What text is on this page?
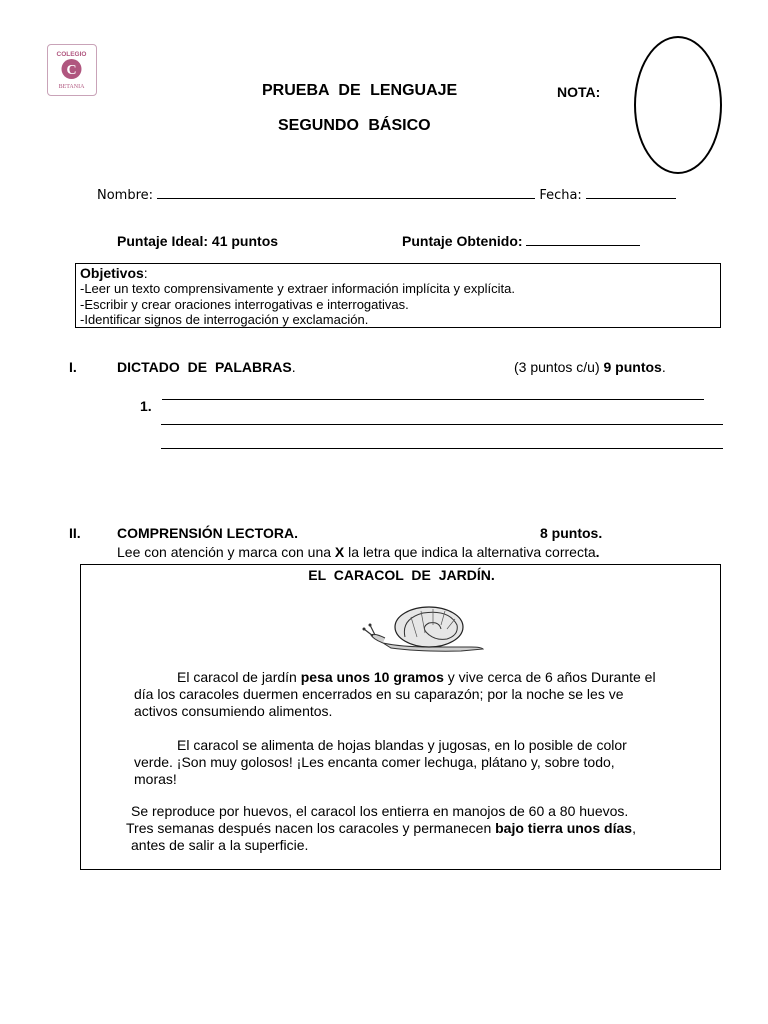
COLEGIO
C
BETANIA	PRUEBA DE LENGUAJE	NOTA:
SEGUNDO BÁSICO
Nombre:	Fecha:
Puntaje Ideal: 41 puntos	Puntaje Obtenido:
Objetivos:
-Leer un texto comprensivamente y extraer información implícita y explícita.
-Escribir y crear oraciones interrogativas e interrogativas.
-Identificar signos de interrogación y exclamación.
I.	DICTADO DE PALABRAS.	(3 puntos c/u) 9 puntos.
1.
II.	COMPRENSIÓN LECTORA.	8 puntos.
Lee con atención y marca con una X la letra que indica la alternativa correcta.
EL CARACOL DE JARDÍN.
El caracol de jardín pesa unos 10 gramos y vive cerca de 6 años Durante el
día los caracoles duermen encerrados en su caparazón; por la noche se les ve
activos consumiendo alimentos.
El caracol se alimenta de hojas blandas y jugosas, en lo posible de color
verde. ¡Son muy golosos! ¡Les encanta comer lechuga, plátano y, sobre todo,
moras!
Se reproduce por huevos, el caracol los entierra en manojos de 60 a 80 huevos.
Tres semanas después nacen los caracoles y permanecen bajo tierra unos días,
antes de salir a la superficie.
